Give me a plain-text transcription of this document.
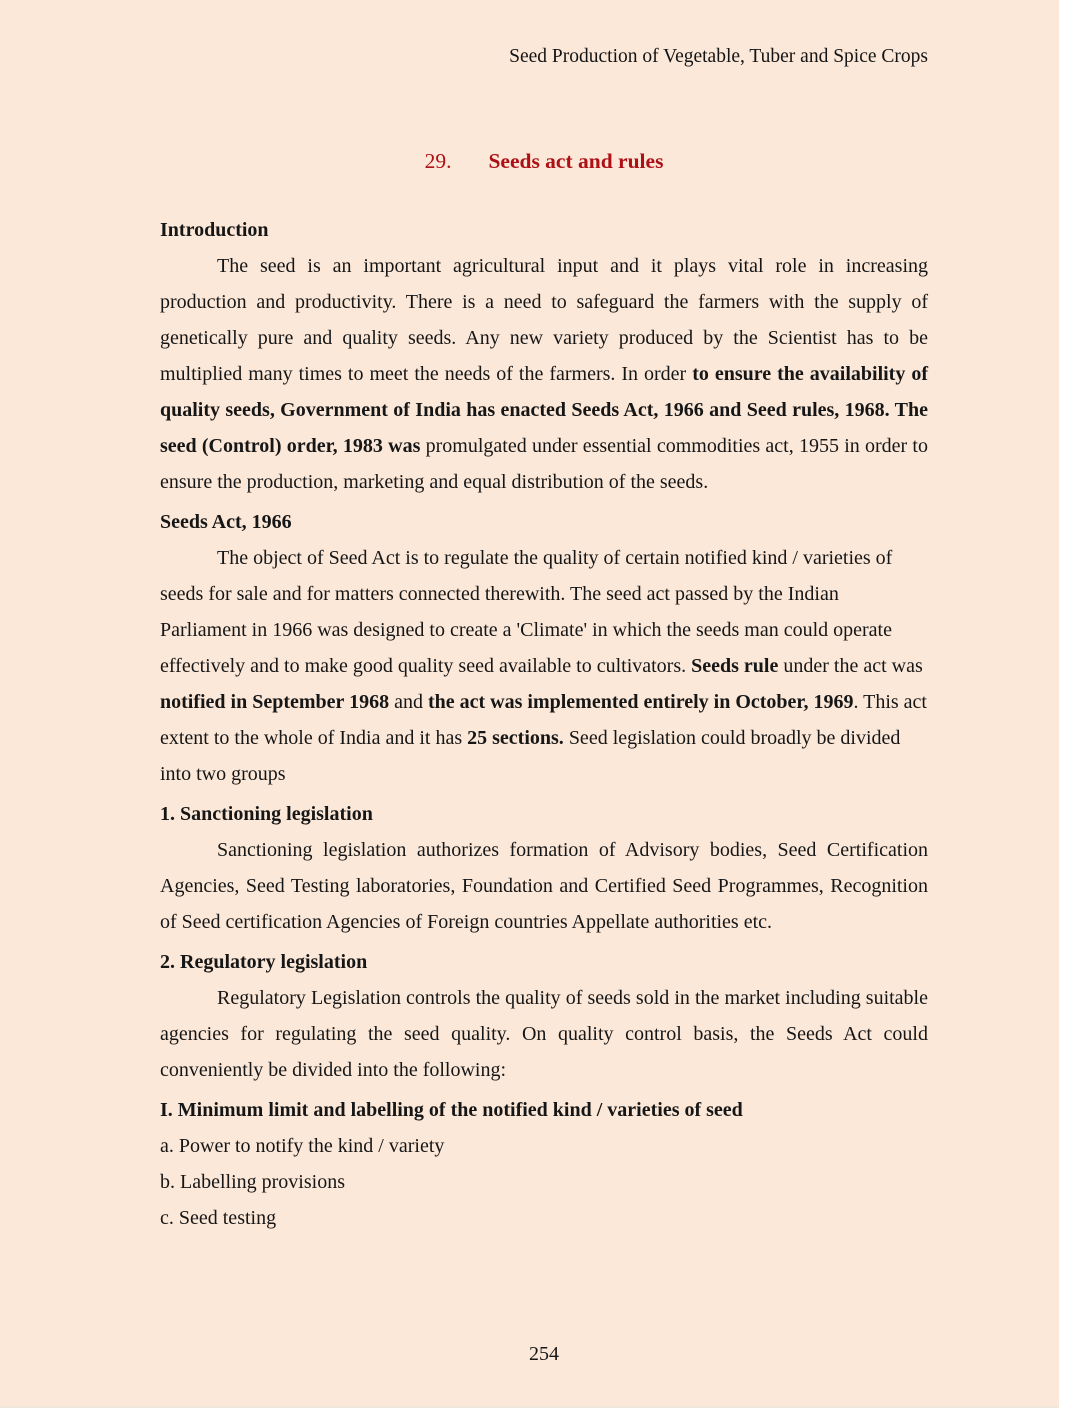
Seed Production of Vegetable, Tuber and Spice Crops
29. Seeds act and rules
Introduction

The seed is an important agricultural input and it plays vital role in increasing production and productivity. There is a need to safeguard the farmers with the supply of genetically pure and quality seeds. Any new variety produced by the Scientist has to be multiplied many times to meet the needs of the farmers. In order to ensure the availability of quality seeds, Government of India has enacted Seeds Act, 1966 and Seed rules, 1968. The seed (Control) order, 1983 was promulgated under essential commodities act, 1955 in order to ensure the production, marketing and equal distribution of the seeds.

Seeds Act, 1966

The object of Seed Act is to regulate the quality of certain notified kind / varieties of seeds for sale and for matters connected therewith. The seed act passed by the Indian Parliament in 1966 was designed to create a 'Climate' in which the seeds man could operate effectively and to make good quality seed available to cultivators. Seeds rule under the act was notified in September 1968 and the act was implemented entirely in October, 1969. This act extent to the whole of India and it has 25 sections. Seed legislation could broadly be divided into two groups

1. Sanctioning legislation

Sanctioning legislation authorizes formation of Advisory bodies, Seed Certification Agencies, Seed Testing laboratories, Foundation and Certified Seed Programmes, Recognition of Seed certification Agencies of Foreign countries Appellate authorities etc.

2. Regulatory legislation

Regulatory Legislation controls the quality of seeds sold in the market including suitable agencies for regulating the seed quality. On quality control basis, the Seeds Act could conveniently be divided into the following:

I. Minimum limit and labelling of the notified kind / varieties of seed
a. Power to notify the kind / variety
b. Labelling provisions
c. Seed testing
254
